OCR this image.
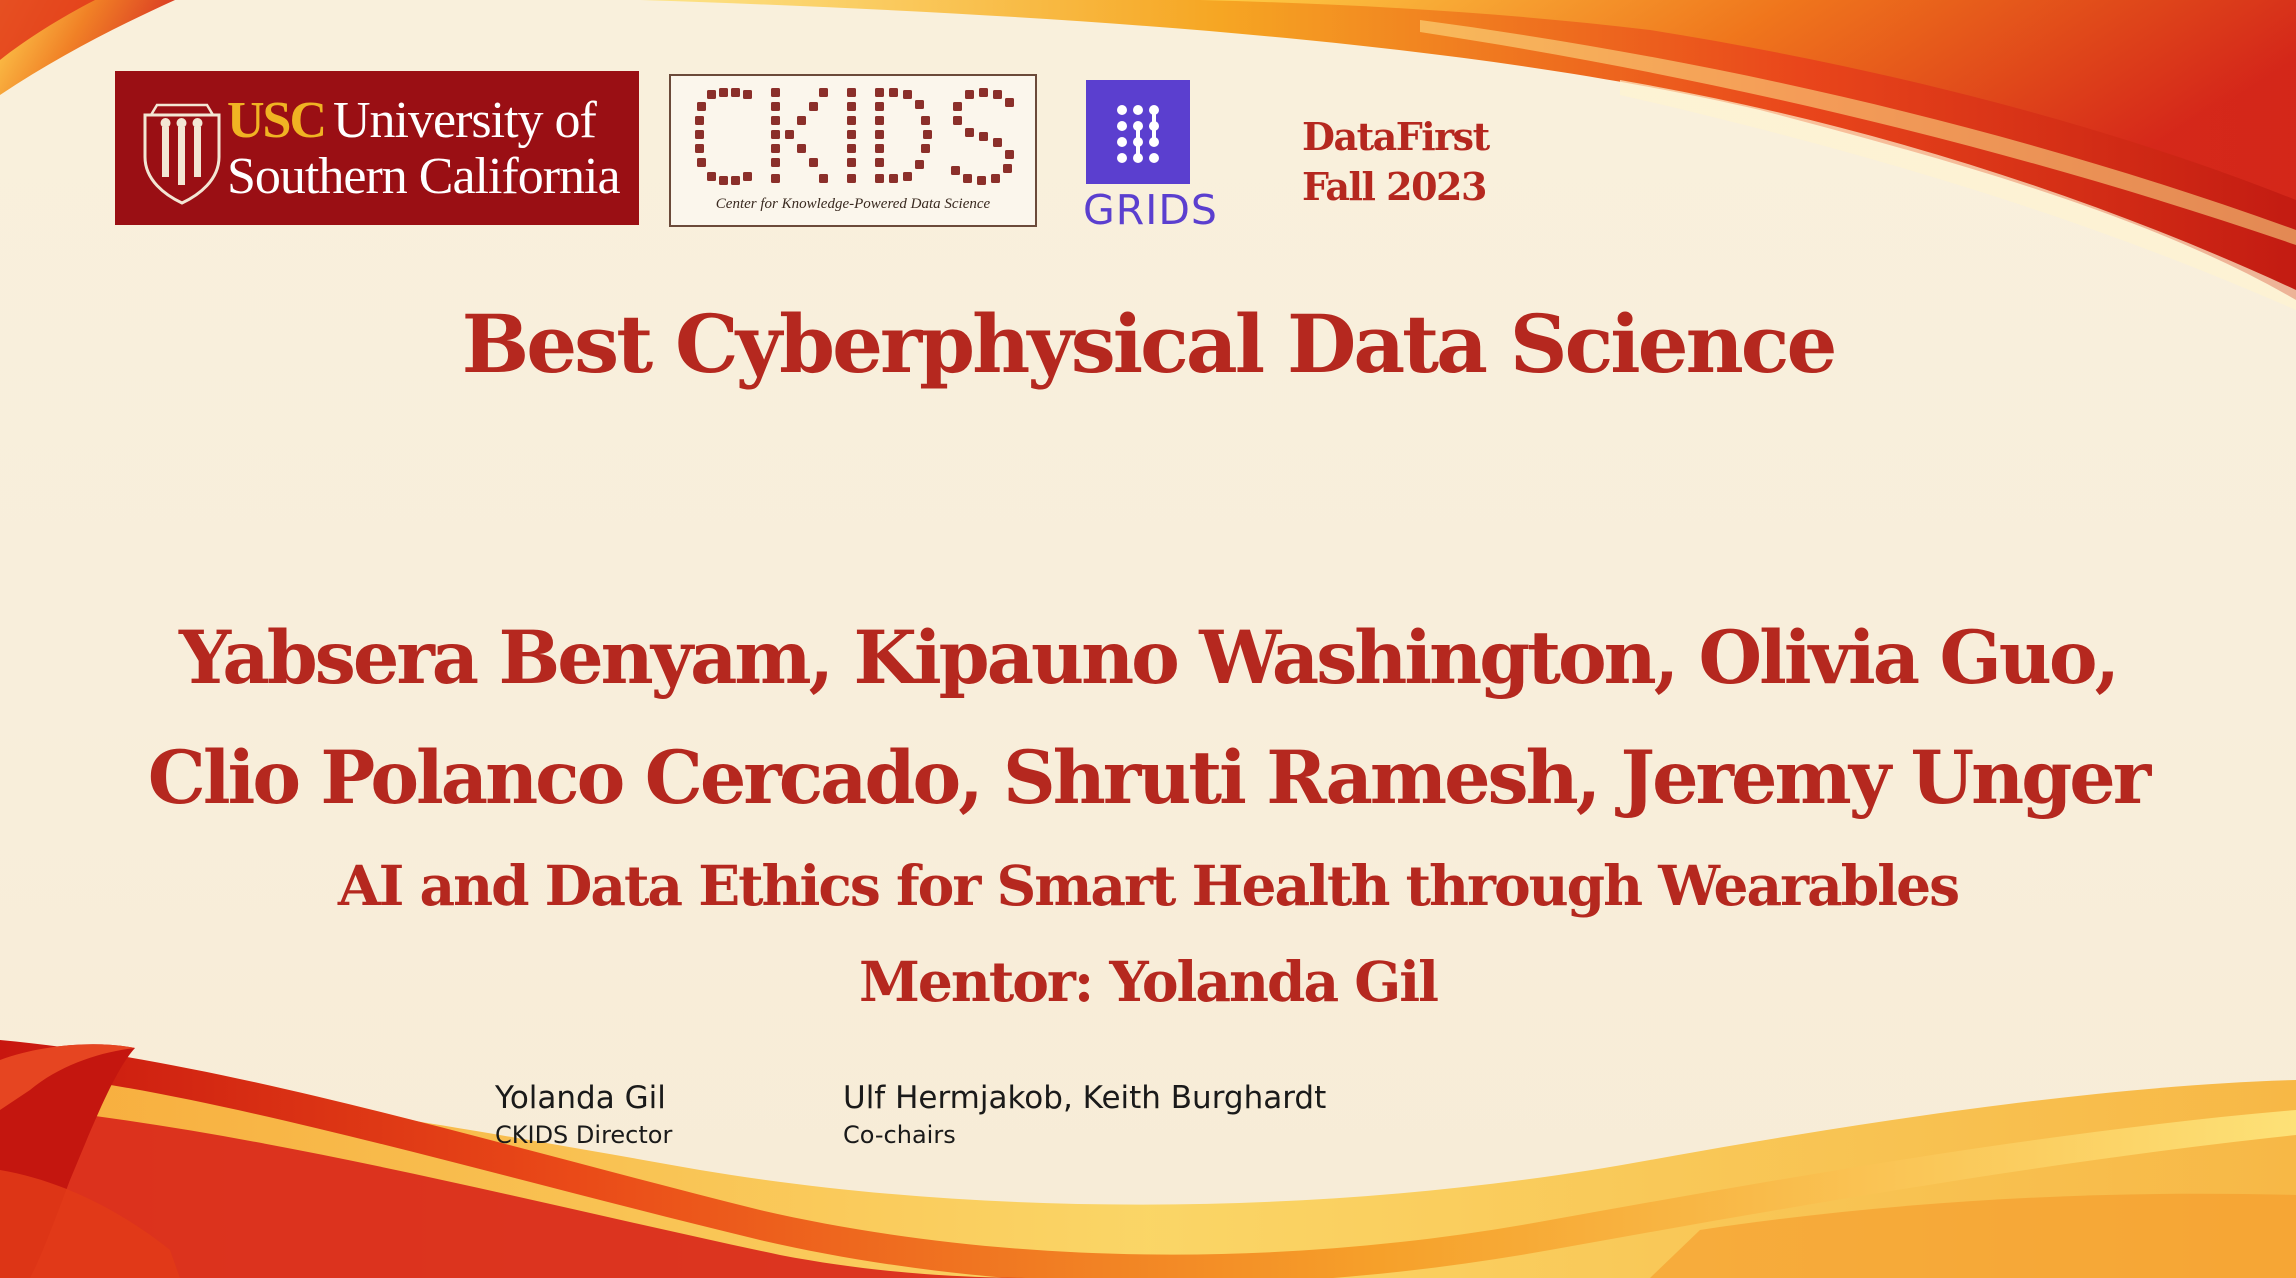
USC University of
Southern California	Center for Knowledge-Powered Data Science	GRIDS
DataFirst
Fall 2023
Best Cyberphysical Data Science
Yabsera Benyam, Kipauno Washington, Olivia Guo,
Clio Polanco Cercado, Shruti Ramesh, Jeremy Unger
AI and Data Ethics for Smart Health through Wearables
Mentor: Yolanda Gil
Yolanda Gil
CKIDS Director
Ulf Hermjakob, Keith Burghardt
Co-chairs
